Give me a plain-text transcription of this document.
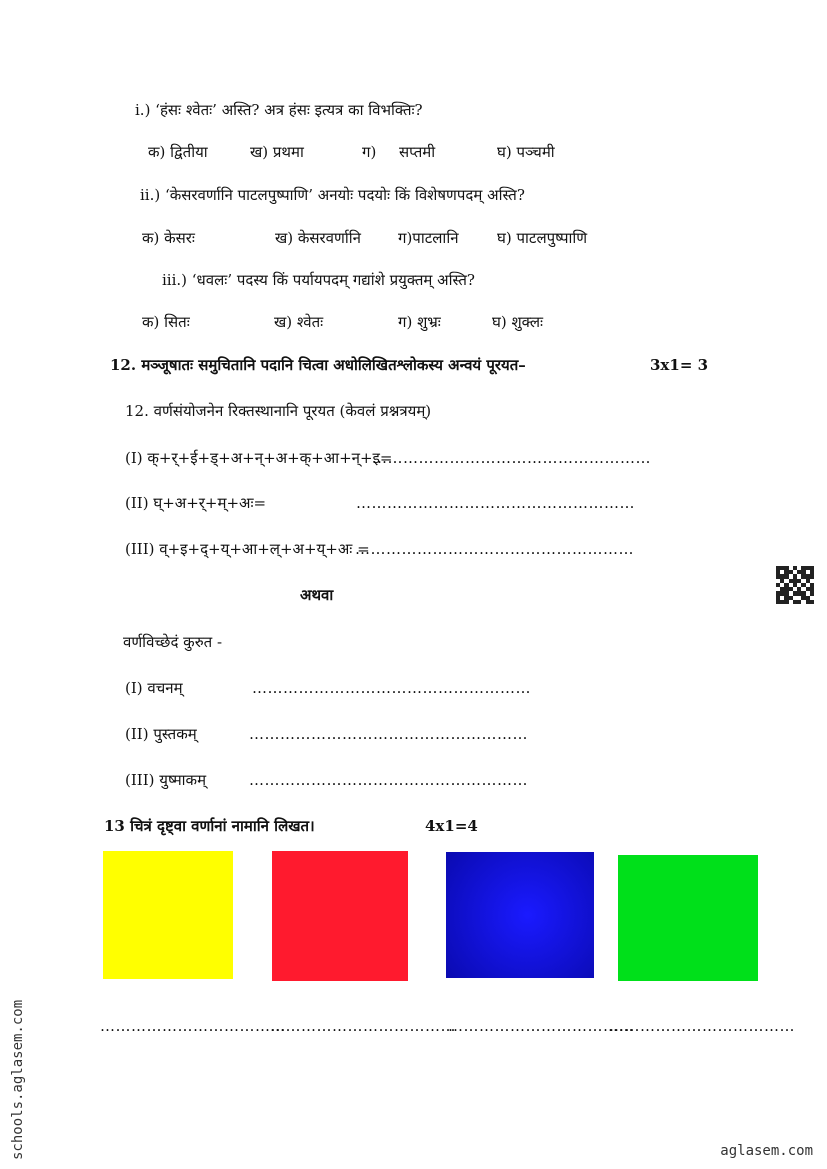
i.) ‘हंसः श्वेतः’ अस्ति? अत्र हंसः इत्यत्र का विभक्तिः?
क) द्वितीया	ख) प्रथमा	ग) सप्तमी	घ) पञ्चमी
ii.) ‘केसरवर्णानि पाटलपुष्पाणि’ अनयोः पदयोः किं विशेषणपदम् अस्ति?
क) केसरः	ख) केसरवर्णानि ग)पाटलानि	घ) पाटलपुष्पाणि
iii.) ‘धवलः’ पदस्य किं पर्यायपदम् गद्यांशे प्रयुक्तम् अस्ति?
क) सितः	ख) श्वेतः	ग) शुभ्रः	घ) शुक्लः
12. मञ्जूषातः समुचितानि पदानि चित्वा अधोलिखितश्लोकस्य अन्वयं पूरयत–	3x1= 3
12. वर्णसंयोजनेन रिक्तस्थानानि पूरयत (केवलं प्रश्नत्रयम्)
(I) क्+र्+ई+ड्+अ+न्+अ+क्+आ+न्+इ=
………………………………………………
(II) घ्+अ+र्+म्+अः=	………………………………………………
(III) व्+इ+द्+य्+आ+ल्+अ+य्+अः =
………………………………………………
अथवा
वर्णविच्छेदं कुरुत -
(I) वचनम्	………………………………………………
(II) पुस्तकम्	………………………………………………
(III) युष्माकम्	………………………………………………
13 चित्रं दृष्ट्वा वर्णानां नामानि लिखत।	4x1=4
………………………………
………………………………
………………………………
………………………………
schools.aglasem.com	aglasem.com
